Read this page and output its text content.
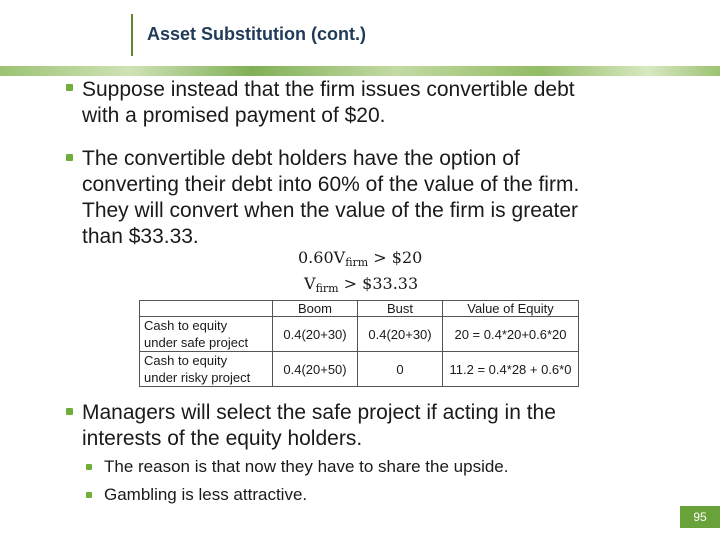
Asset Substitution (cont.)
Suppose instead that the firm issues convertible debt
with a promised payment of $20.
The convertible debt holders have the option of
converting their debt into 60% of the value of the firm.
They will convert when the value of the firm is greater
than $33.33.
0.60Vfirm > $20
Vfirm > $33.33
	Boom	Bust	Value of Equity

Cash to equity
under safe project	0.4(20+30)	0.4(20+30)	20 = 0.4*20+0.6*20

Cash to equity
under risky project	0.4(20+50)	0	11.2 = 0.4*28 + 0.6*0
Managers will select the safe project if acting in the
interests of the equity holders.
The reason is that now they have to share the upside.
Gambling is less attractive.
95
